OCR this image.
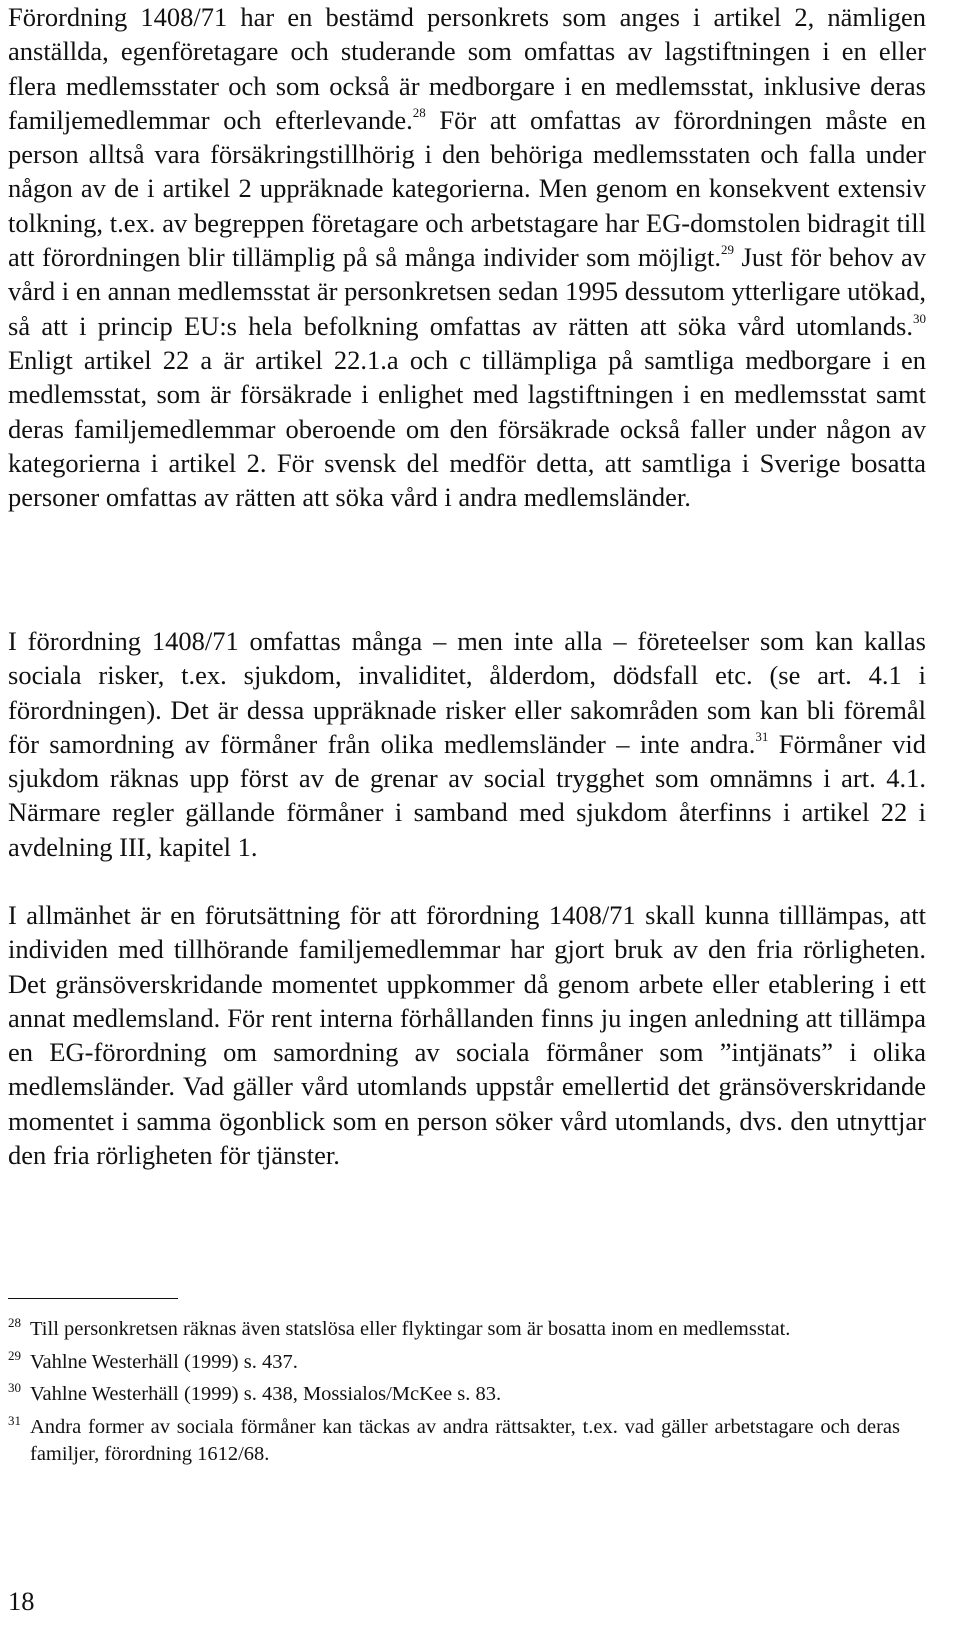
Förordning 1408/71 har en bestämd personkrets som anges i artikel 2, nämligen anställda, egenföretagare och studerande som omfattas av lagstiftningen i en eller flera medlemsstater och som också är medborgare i en medlemsstat, inklusive deras familjemedlemmar och efterlevande.$^{28}$ För att omfattas av förordningen måste en person alltså vara försäkringstillhörig i den behöriga medlemsstaten och falla under någon av de i artikel 2 uppräknade kategorierna. Men genom en konsekvent extensiv tolkning, t.ex. av begreppen företagare och arbetstagare har EG-domstolen bidragit till att förordningen blir tillämplig på så många individer som möjligt.$^{29}$ Just för behov av vård i en annan medlemsstat är personkretsen sedan 1995 dessutom ytterligare utökad, så att i princip EU:s hela befolkning omfattas av rätten att söka vård utomlands.$^{30}$ Enligt artikel 22 a är artikel 22.1.a och c tillämpliga på samtliga medborgare i en medlemsstat, som är försäkrade i enlighet med lagstiftningen i en medlemsstat samt deras familjemedlemmar oberoende om den försäkrade också faller under någon av kategorierna i artikel 2. För svensk del medför detta, att samtliga i Sverige bosatta personer omfattas av rätten att söka vård i andra medlemsländer.

I förordning 1408/71 omfattas många – men inte alla – företeelser som kan kallas sociala risker, t.ex. sjukdom, invaliditet, ålderdom, dödsfall etc. (se art. 4.1 i förordningen). Det är dessa uppräknade risker eller sakområden som kan bli föremål för samordning av förmåner från olika medlemsländer – inte andra.$^{31}$ Förmåner vid sjukdom räknas upp först av de grenar av social trygghet som omnämns i art. 4.1. Närmare regler gällande förmåner i samband med sjukdom återfinns i artikel 22 i avdelning III, kapitel 1.

I allmänhet är en förutsättning för att förordning 1408/71 skall kunna tilllämpas, att individen med tillhörande familjemedlemmar har gjort bruk av den fria rörligheten. Det gränsöverskridande momentet uppkommer då genom arbete eller etablering i ett annat medlemsland. För rent interna förhållanden finns ju ingen anledning att tillämpa en EG-förordning om samordning av sociala förmåner som ”intjänats” i olika medlemsländer. Vad gäller vård utomlands uppstår emellertid det gränsöverskridande momentet i samma ögonblick som en person söker vård utomlands, dvs. den utnyttjar den fria rörligheten för tjänster.

28 Till personkretsen räknas även statslösa eller flyktingar som är bosatta inom en medlemsstat.
29 Vahlne Westerhäll (1999) s. 437.
30 Vahlne Westerhäll (1999) s. 438, Mossialos/McKee s. 83.
31 Andra former av sociala förmåner kan täckas av andra rättsakter, t.ex. vad gäller arbetstagare och deras familjer, förordning 1612/68.
18
